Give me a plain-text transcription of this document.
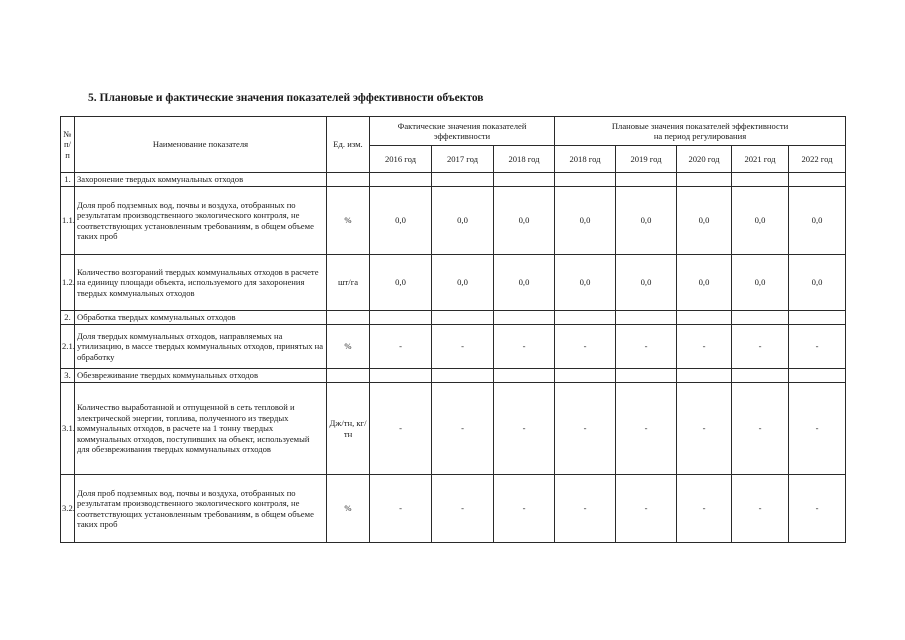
5. Плановые и фактические значения показателей эффективности объектов
№ п/п	Наименование показателя	Ед. изм.	Фактические значения показателей эффективности			Плановые значения показателей эффективности
на период регулирования				

			2016 год	2017 год	2018 год	2018 год	2019 год	2020 год	2021 год	2022 год
1.	Захоронение твердых коммунальных отходов									
1.1.	Доля проб подземных вод, почвы и воздуха, отобранных по результатам производственного экологического контроля, не соответствующих установленным требованиям, в общем объеме таких проб	%	0,0	0,0	0,0	0,0	0,0	0,0	0,0	0,0
1.2.	Количество возгораний твердых коммунальных отходов в расчете на единицу площади объекта, используемого для захоронения твердых коммунальных отходов	шт/га	0,0	0,0	0,0	0,0	0,0	0,0	0,0	0,0
2.	Обработка твердых коммунальных отходов									
2.1.	Доля твердых коммунальных отходов, направляемых на утилизацию, в массе твердых коммунальных отходов, принятых на обработку	%	-	-	-	-	-	-	-	-
3.	Обезвреживание твердых коммунальных отходов									
3.1.	Количество выработанной и отпущенной в сеть тепловой и электрической энергии, топлива, полученного из твердых коммунальных отходов, в расчете на 1 тонну твердых коммунальных отходов, поступивших на объект, используемый для обезвреживания твердых коммунальных отходов	Дж/тн, кг/тн	-	-	-	-	-	-	-	-
3.2.	Доля проб подземных вод, почвы и воздуха, отобранных по результатам производственного экологического контроля, не соответствующих установленным требованиям, в общем объеме таких проб	%	-	-	-	-	-	-	-	-
